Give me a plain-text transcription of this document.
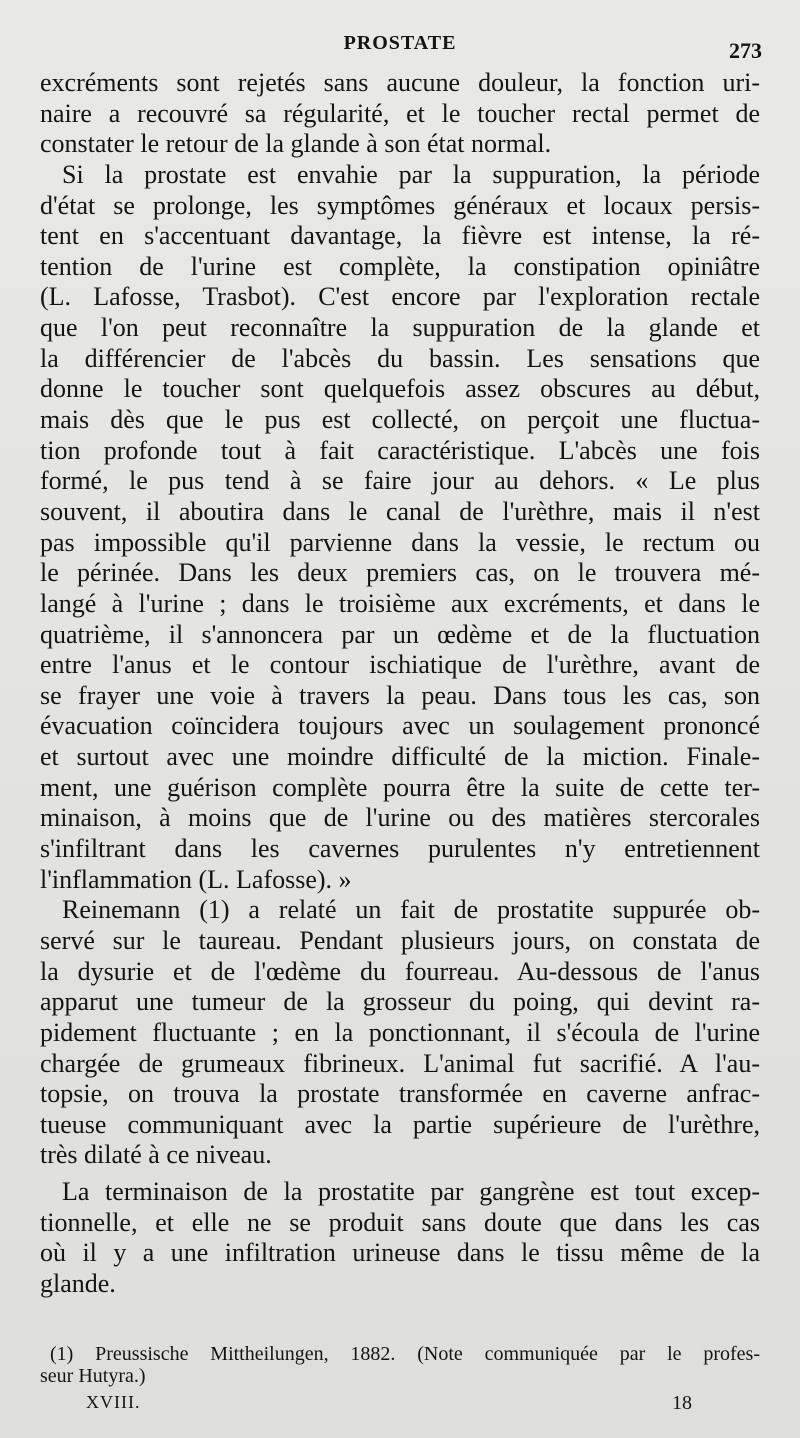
PROSTATE	273
excréments sont rejetés sans aucune douleur, la fonction uri-
naire a recouvré sa régularité, et le toucher rectal permet de
constater le retour de la glande à son état normal.
Si la prostate est envahie par la suppuration, la période
d'état se prolonge, les symptômes généraux et locaux persis-
tent en s'accentuant davantage, la fièvre est intense, la ré-
tention de l'urine est complète, la constipation opiniâtre
(L. Lafosse, Trasbot). C'est encore par l'exploration rectale
que l'on peut reconnaître la suppuration de la glande et
la différencier de l'abcès du bassin. Les sensations que
donne le toucher sont quelquefois assez obscures au début,
mais dès que le pus est collecté, on perçoit une fluctua-
tion profonde tout à fait caractéristique. L'abcès une fois
formé, le pus tend à se faire jour au dehors. « Le plus
souvent, il aboutira dans le canal de l'urèthre, mais il n'est
pas impossible qu'il parvienne dans la vessie, le rectum ou
le périnée. Dans les deux premiers cas, on le trouvera mé-
langé à l'urine ; dans le troisième aux excréments, et dans le
quatrième, il s'annoncera par un œdème et de la fluctuation
entre l'anus et le contour ischiatique de l'urèthre, avant de
se frayer une voie à travers la peau. Dans tous les cas, son
évacuation coïncidera toujours avec un soulagement prononcé
et surtout avec une moindre difficulté de la miction. Finale-
ment, une guérison complète pourra être la suite de cette ter-
minaison, à moins que de l'urine ou des matières stercorales
s'infiltrant dans les cavernes purulentes n'y entretiennent
l'inflammation (L. Lafosse). »
Reinemann (1) a relaté un fait de prostatite suppurée ob-
servé sur le taureau. Pendant plusieurs jours, on constata de
la dysurie et de l'œdème du fourreau. Au-dessous de l'anus
apparut une tumeur de la grosseur du poing, qui devint ra-
pidement fluctuante ; en la ponctionnant, il s'écoula de l'urine
chargée de grumeaux fibrineux. L'animal fut sacrifié. A l'au-
topsie, on trouva la prostate transformée en caverne anfrac-
tueuse communiquant avec la partie supérieure de l'urèthre,
très dilaté à ce niveau.
La terminaison de la prostatite par gangrène est tout excep-
tionnelle, et elle ne se produit sans doute que dans les cas
où il y a une infiltration urineuse dans le tissu même de la
glande.
(1) Preussische Mittheilungen, 1882. (Note communiquée par le profes-
seur Hutyra.)
XVIII.	18
